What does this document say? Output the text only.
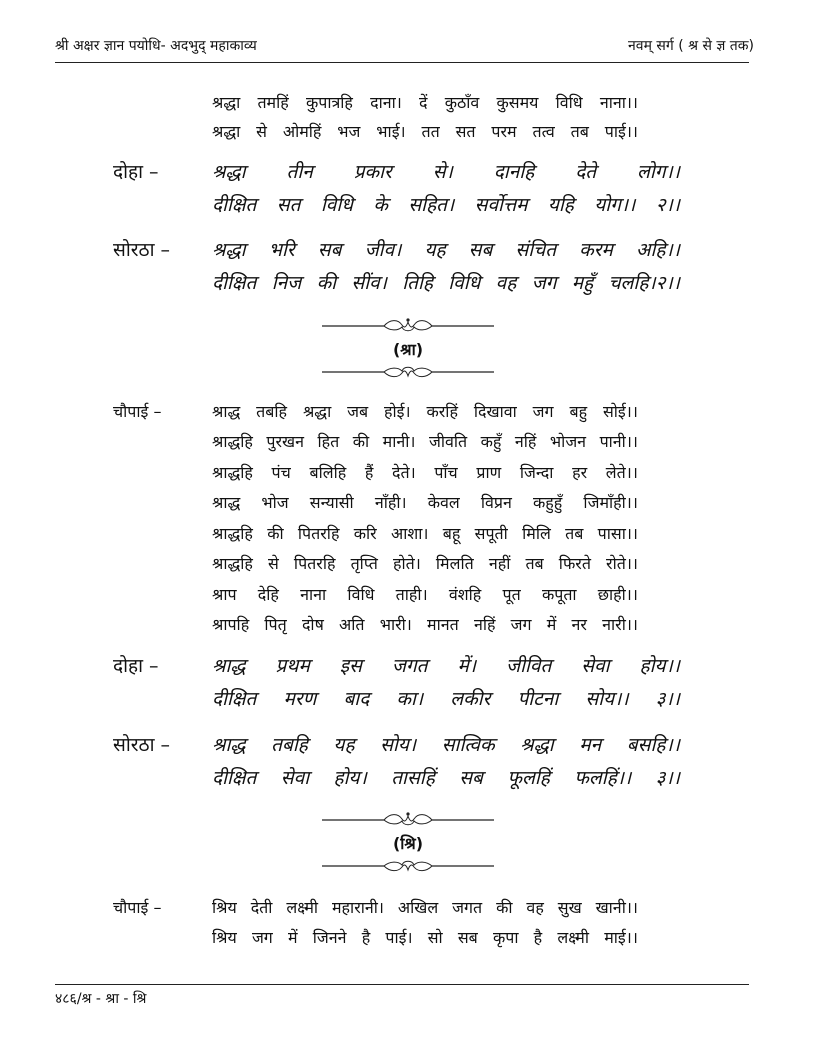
श्री अक्षर ज्ञान पयोधि- अदभुद् महाकाव्य	नवम् सर्ग ( श्र से ज्ञ तक)
श्रद्धा तमहिं कुपात्रहि दाना। दें कुठाँव कुसमय विधि नाना।।
श्रद्धा से ओमहिं भज भाई। तत सत परम तत्व तब पाई।।
दोहा –	श्रद्धा तीन प्रकार से। दानहि देते लोग।।
दीक्षित सत विधि के सहित। सर्वोत्तम यहि योग।। २।।
सोरठा – श्रद्धा भरि सब जीव। यह सब संचित करम अहि।।
दीक्षित निज की सींव। तिहि विधि वह जग महुँ चलहि।२।।
(श्रा)
चौपाई –	श्राद्ध तबहि श्रद्धा जब होई। करहिं दिखावा जग बहु सोई।।
श्राद्धहि पुरखन हित की मानी। जीवति कहुँ नहिं भोजन पानी।।
श्राद्धहि पंच बलिहि हैं देते। पाँच प्राण जिन्दा हर लेते।।
श्राद्ध भोज सन्यासी नाँही। केवल विप्रन कहुहुँ जिमाँही।।
श्राद्धहि की पितरहि करि आशा। बहू सपूती मिलि तब पासा।।
श्राद्धहि से पितरहि तृप्ति होते। मिलति नहीं तब फिरते रोते।।
श्राप देहि नाना विधि ताही। वंशहि पूत कपूता छाही।।
श्रापहि पितृ दोष अति भारी। मानत नहिं जग में नर नारी।।
दोहा –	श्राद्ध प्रथम इस जगत में। जीवित सेवा होय।।
दीक्षित मरण बाद का। लकीर पीटना सोय।। ३।।
सोरठा – श्राद्ध तबहि यह सोय। सात्विक श्रद्धा मन बसहि।।
दीक्षित सेवा होय। तासहिं सब फूलहिं फलहिं।। ३।।
(श्रि)
चौपाई –	श्रिय देती लक्ष्मी महारानी। अखिल जगत की वह सुख खानी।।
श्रिय जग में जिनने है पाई। सो सब कृपा है लक्ष्मी माई।।
४८६/श्र - श्रा - श्रि
